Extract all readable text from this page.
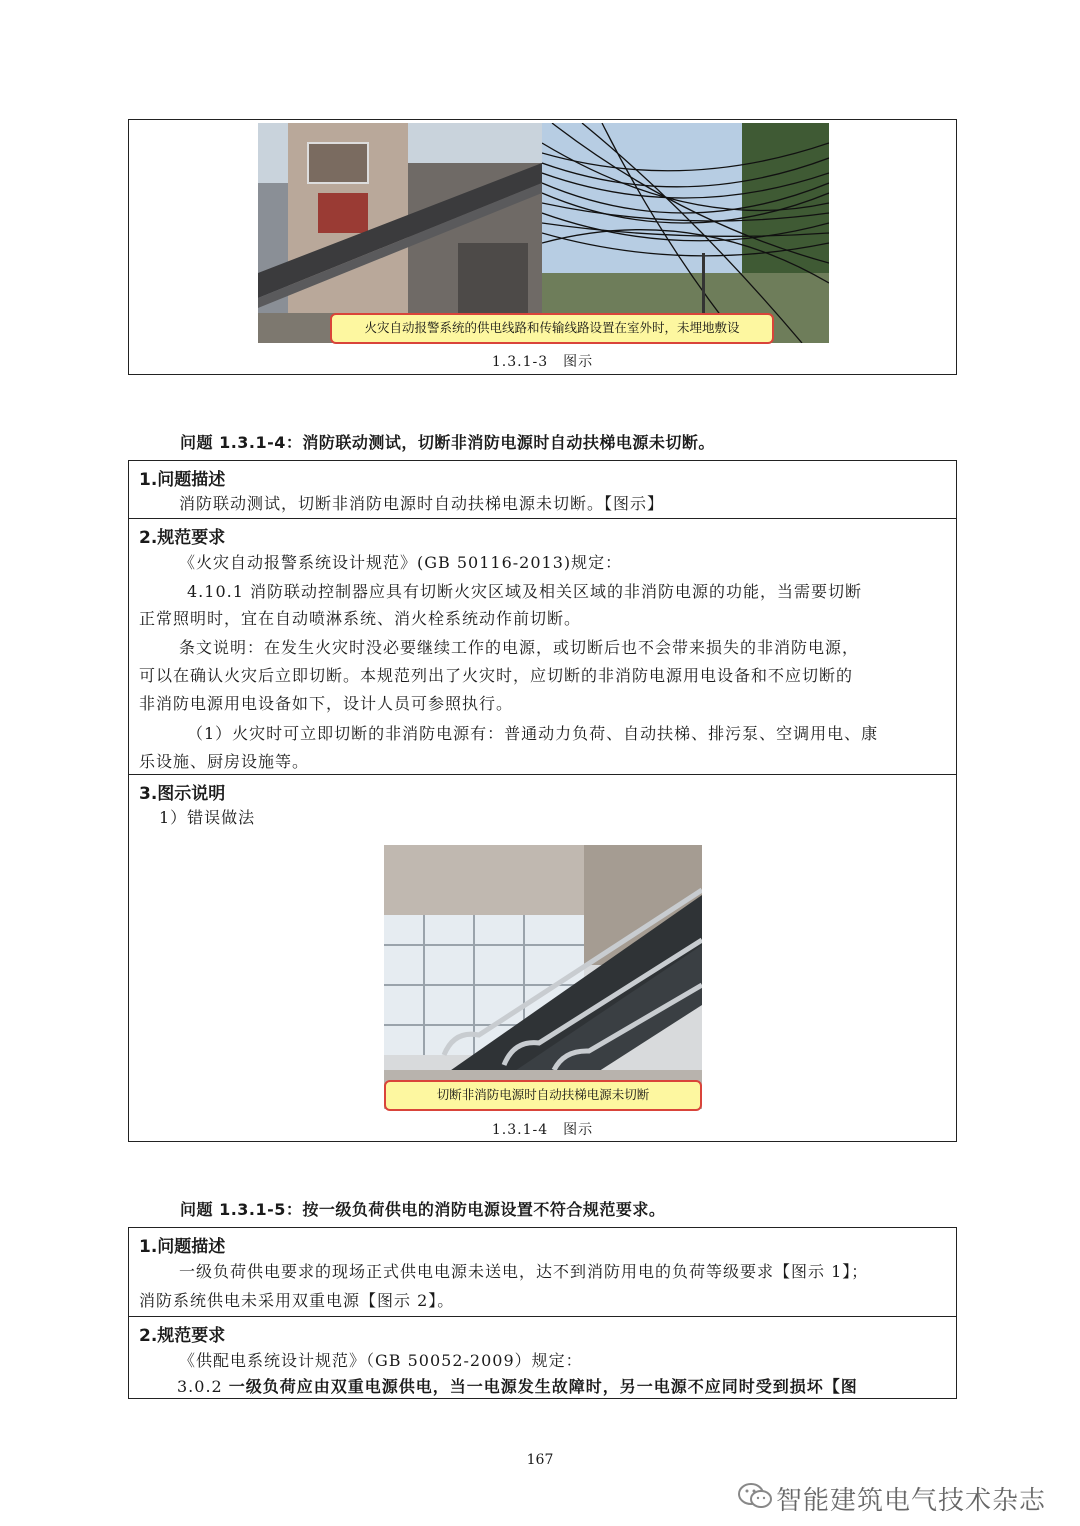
火灾自动报警系统的供电线路和传输线路设置在室外时，未埋地敷设
1.3.1-3　图示
问题 1.3.1-4：消防联动测试，切断非消防电源时自动扶梯电源未切断。
1.问题描述
消防联动测试，切断非消防电源时自动扶梯电源未切断。【图示】
2.规范要求
《火灾自动报警系统设计规范》(GB 50116-2013)规定：
4.10.1 消防联动控制器应具有切断火灾区域及相关区域的非消防电源的功能，当需要切断
正常照明时，宜在自动喷淋系统、消火栓系统动作前切断。
条文说明：在发生火灾时没必要继续工作的电源，或切断后也不会带来损失的非消防电源，
可以在确认火灾后立即切断。本规范列出了火灾时，应切断的非消防电源用电设备和不应切断的
非消防电源用电设备如下，设计人员可参照执行。
（1）火灾时可立即切断的非消防电源有：普通动力负荷、自动扶梯、排污泵、空调用电、康
乐设施、厨房设施等。
3.图示说明
1）错误做法
切断非消防电源时自动扶梯电源未切断
1.3.1-4　图示
问题 1.3.1-5：按一级负荷供电的消防电源设置不符合规范要求。
1.问题描述
一级负荷供电要求的现场正式供电电源未送电，达不到消防用电的负荷等级要求【图示 1】；
消防系统供电未采用双重电源【图示 2】。
2.规范要求
《供配电系统设计规范》（GB 50052-2009）规定：
3.0.2 一级负荷应由双重电源供电，当一电源发生故障时，另一电源不应同时受到损坏【图
167
智能建筑电气技术杂志
